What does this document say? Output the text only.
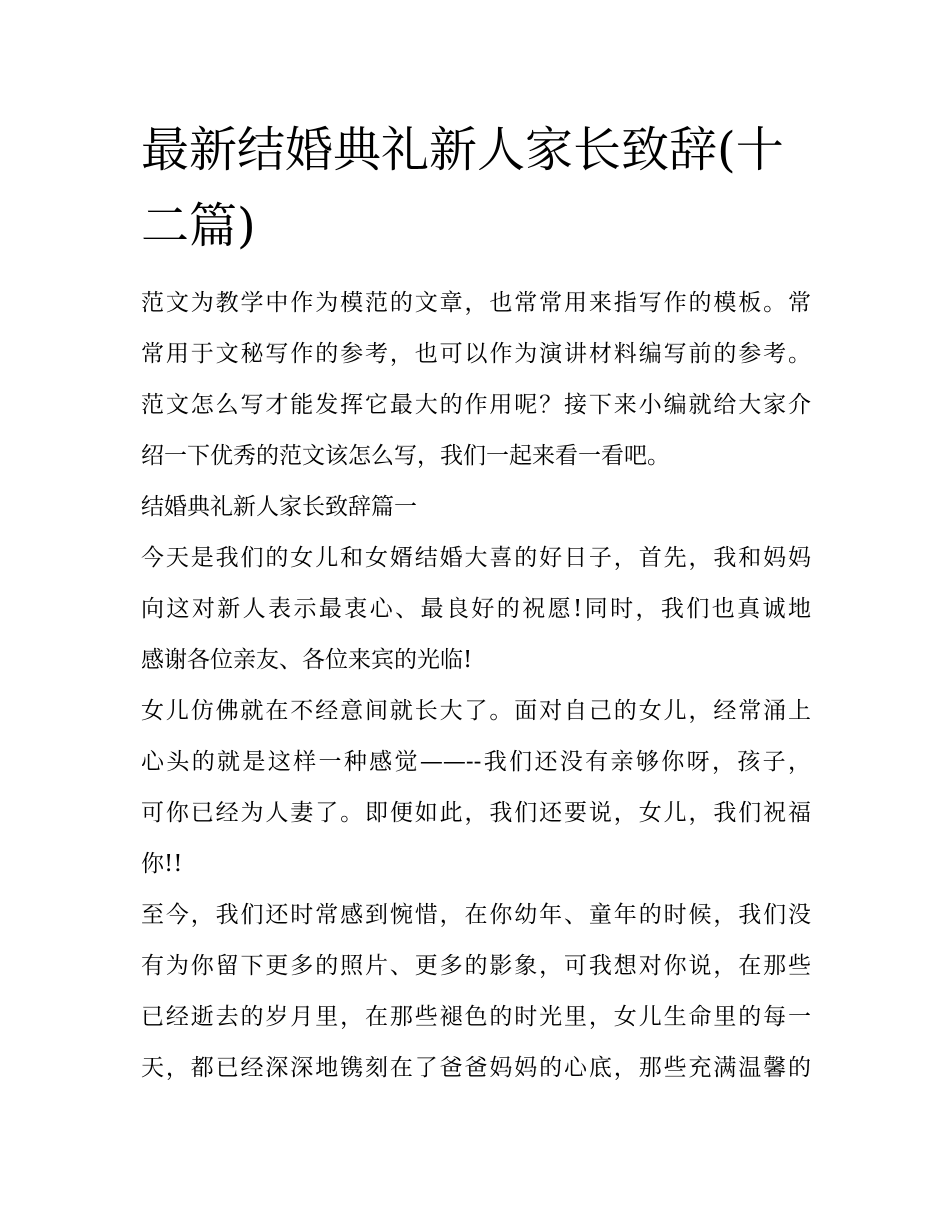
最新结婚典礼新人家长致辞(十
二篇)

范文为教学中作为模范的文章，也常常用来指写作的模板。常
常用于文秘写作的参考，也可以作为演讲材料编写前的参考。
范文怎么写才能发挥它最大的作用呢？接下来小编就给大家介
绍一下优秀的范文该怎么写，我们一起来看一看吧。

结婚典礼新人家长致辞篇一

今天是我们的女儿和女婿结婚大喜的好日子，首先，我和妈妈
向这对新人表示最衷心、最良好的祝愿!同时，我们也真诚地
感谢各位亲友、各位来宾的光临!

女儿仿佛就在不经意间就长大了。面对自己的女儿，经常涌上
心头的就是这样一种感觉——--我们还没有亲够你呀，孩子，
可你已经为人妻了。即便如此，我们还要说，女儿，我们祝福
你!!

至今，我们还时常感到惋惜，在你幼年、童年的时候，我们没
有为你留下更多的照片、更多的影象，可我想对你说，在那些
已经逝去的岁月里，在那些褪色的时光里，女儿生命里的每一
天，都已经深深地镌刻在了爸爸妈妈的心底，那些充满温馨的
